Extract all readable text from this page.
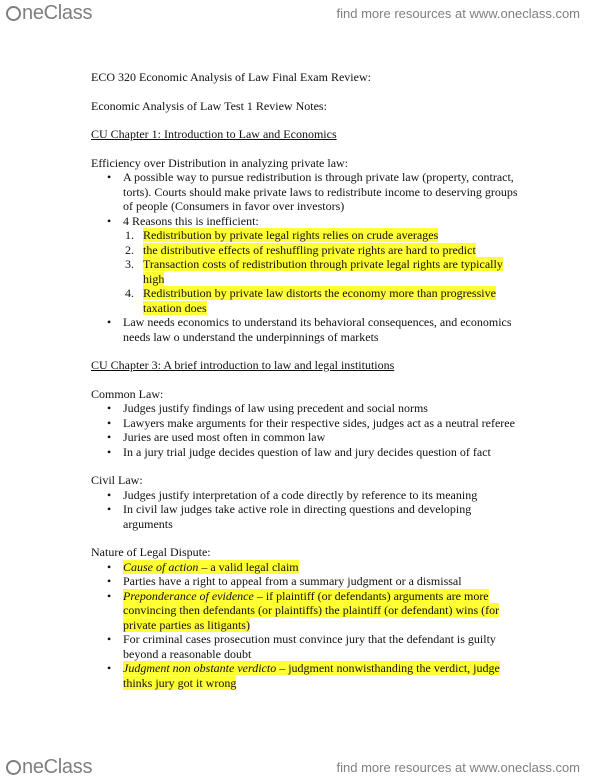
neClass	find more resources at www.oneclass.com

ECO 320 Economic Analysis of Law Final Exam Review:

Economic Analysis of Law Test 1 Review Notes:

CU Chapter 1: Introduction to Law and Economics

Efficiency over Distribution in analyzing private law:
• A possible way to pursue redistribution is through private law (property, contract, torts). Courts should make private laws to redistribute income to deserving groups of people (Consumers in favor over investors)
• 4 Reasons this is inefficient:
1. Redistribution by private legal rights relies on crude averages
2. the distributive effects of reshuffling private rights are hard to predict
3. Transaction costs of redistribution through private legal rights are typically high
4. Redistribution by private law distorts the economy more than progressive taxation does
• Law needs economics to understand its behavioral consequences, and economics needs law o understand the underpinnings of markets

CU Chapter 3: A brief introduction to law and legal institutions

Common Law:
• Judges justify findings of law using precedent and social norms
• Lawyers make arguments for their respective sides, judges act as a neutral referee
• Juries are used most often in common law
• In a jury trial judge decides question of law and jury decides question of fact
Civil Law:
• Judges justify interpretation of a code directly by reference to its meaning
• In civil law judges take active role in directing questions and developing arguments
Nature of Legal Dispute:
• Cause of action – a valid legal claim
• Parties have a right to appeal from a summary judgment or a dismissal
• Preponderance of evidence – if plaintiff (or defendants) arguments are more convincing then defendants (or plaintiffs) the plaintiff (or defendant) wins (for private parties as litigants)
• For criminal cases prosecution must convince jury that the defendant is guilty beyond a reasonable doubt
• Judgment non obstante verdicto – judgment nonwisthanding the verdict, judge thinks jury got it wrong
neClass	find more resources at www.oneclass.com
